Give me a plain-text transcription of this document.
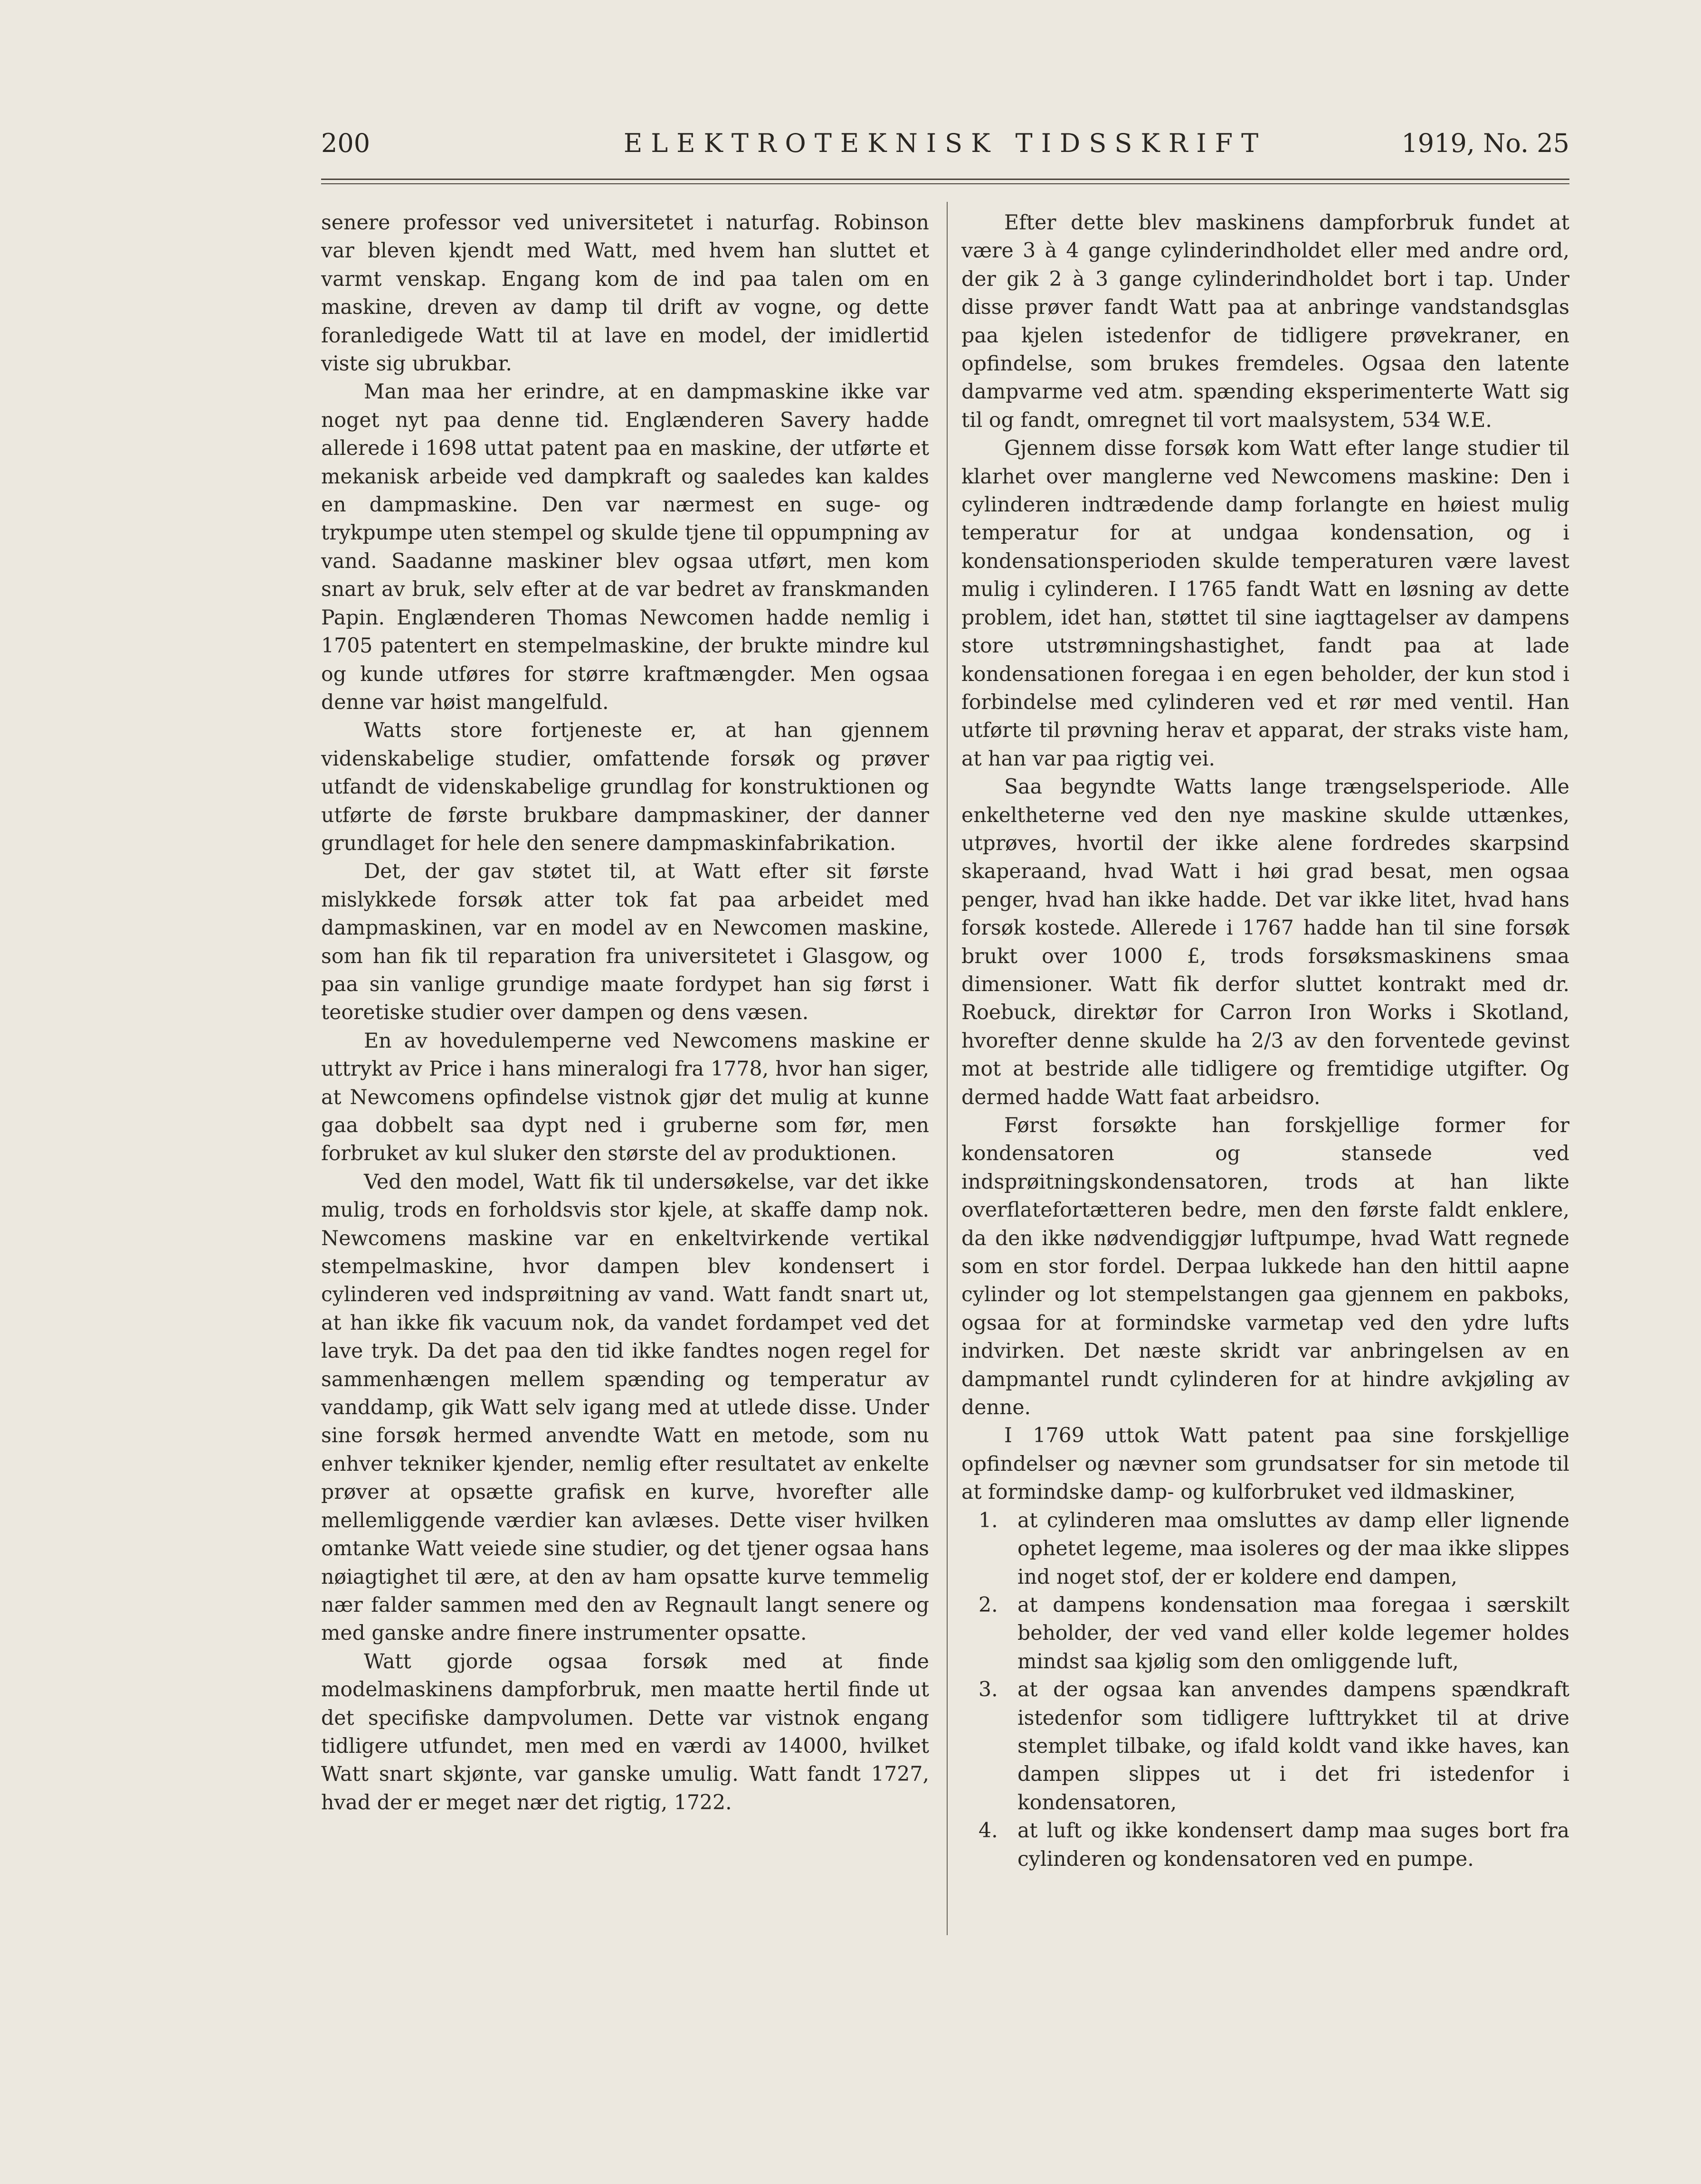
200	ELEKTROTEKNISK TIDSSKRIFT	1919, No. 25

senere professor ved universitetet i naturfag. Robinson var bleven kjendt med Watt, med hvem han sluttet et varmt venskap. Engang kom de ind paa talen om en maskine, dreven av damp til drift av vogne, og dette foranledigede Watt til at lave en model, der imidlertid viste sig ubrukbar.

Man maa her erindre, at en dampmaskine ikke var noget nyt paa denne tid. Englænderen Savery hadde allerede i 1698 uttat patent paa en maskine, der utførte et mekanisk arbeide ved dampkraft og saaledes kan kaldes en dampmaskine. Den var nærmest en suge- og trykpumpe uten stempel og skulde tjene til oppumpning av vand. Saadanne maskiner blev ogsaa utført, men kom snart av bruk, selv efter at de var bedret av franskmanden Papin. Englænderen Thomas Newcomen hadde nemlig i 1705 patentert en stempelmaskine, der brukte mindre kul og kunde utføres for større kraftmængder. Men ogsaa denne var høist mangelfuld.

Watts store fortjeneste er, at han gjennem videnskabelige studier, omfattende forsøk og prøver utfandt de videnskabelige grundlag for konstruktionen og utførte de første brukbare dampmaskiner, der danner grundlaget for hele den senere dampmaskinfabrikation.

Det, der gav støtet til, at Watt efter sit første mislykkede forsøk atter tok fat paa arbeidet med dampmaskinen, var en model av en Newcomen maskine, som han fik til reparation fra universitetet i Glasgow, og paa sin vanlige grundige maate fordypet han sig først i teoretiske studier over dampen og dens væsen.

En av hovedulemperne ved Newcomens maskine er uttrykt av Price i hans mineralogi fra 1778, hvor han siger, at Newcomens opfindelse vistnok gjør det mulig at kunne gaa dobbelt saa dypt ned i gruberne som før, men forbruket av kul sluker den største del av produktionen.

Ved den model, Watt fik til undersøkelse, var det ikke mulig, trods en forholdsvis stor kjele, at skaffe damp nok. Newcomens maskine var en enkeltvirkende vertikal stempelmaskine, hvor dampen blev kondensert i cylinderen ved indsprøitning av vand. Watt fandt snart ut, at han ikke fik vacuum nok, da vandet fordampet ved det lave tryk. Da det paa den tid ikke fandtes nogen regel for sammenhængen mellem spænding og temperatur av vanddamp, gik Watt selv igang med at utlede disse. Under sine forsøk hermed anvendte Watt en metode, som nu enhver tekniker kjender, nemlig efter resultatet av enkelte prøver at opsætte grafisk en kurve, hvorefter alle mellemliggende værdier kan avlæses. Dette viser hvilken omtanke Watt veiede sine studier, og det tjener ogsaa hans nøiagtighet til ære, at den av ham opsatte kurve temmelig nær falder sammen med den av Regnault langt senere og med ganske andre finere instrumenter opsatte.

Watt gjorde ogsaa forsøk med at finde modelmaskinens dampforbruk, men maatte hertil finde ut det specifiske dampvolumen. Dette var vistnok engang tidligere utfundet, men med en værdi av 14000, hvilket Watt snart skjønte, var ganske umulig. Watt fandt 1727, hvad der er meget nær det rigtig, 1722.

Efter dette blev maskinens dampforbruk fundet at være 3 à 4 gange cylinderindholdet eller med andre ord, der gik 2 à 3 gange cylinderindholdet bort i tap. Under disse prøver fandt Watt paa at anbringe vandstandsglas paa kjelen istedenfor de tidligere prøvekraner, en opfindelse, som brukes fremdeles. Ogsaa den latente dampvarme ved atm. spænding eksperimenterte Watt sig til og fandt, omregnet til vort maalsystem, 534 W.E.

Gjennem disse forsøk kom Watt efter lange studier til klarhet over manglerne ved Newcomens maskine: Den i cylinderen indtrædende damp forlangte en høiest mulig temperatur for at undgaa kondensation, og i kondensationsperioden skulde temperaturen være lavest mulig i cylinderen. I 1765 fandt Watt en løsning av dette problem, idet han, støttet til sine iagttagelser av dampens store utstrømningshastighet, fandt paa at lade kondensationen foregaa i en egen beholder, der kun stod i forbindelse med cylinderen ved et rør med ventil. Han utførte til prøvning herav et apparat, der straks viste ham, at han var paa rigtig vei.

Saa begyndte Watts lange trængselsperiode. Alle enkeltheterne ved den nye maskine skulde uttænkes, utprøves, hvortil der ikke alene fordredes skarpsind skaperaand, hvad Watt i høi grad besat, men ogsaa penger, hvad han ikke hadde. Det var ikke litet, hvad hans forsøk kostede. Allerede i 1767 hadde han til sine forsøk brukt over 1000 £, trods forsøksmaskinens smaa dimensioner. Watt fik derfor sluttet kontrakt med dr. Roebuck, direktør for Carron Iron Works i Skotland, hvorefter denne skulde ha 2/3 av den forventede gevinst mot at bestride alle tidligere og fremtidige utgifter. Og dermed hadde Watt faat arbeidsro.

Først forsøkte han forskjellige former for kondensatoren og stansede ved indsprøitningskondensatoren, trods at han likte overflatefortætteren bedre, men den første faldt enklere, da den ikke nødvendiggjør luftpumpe, hvad Watt regnede som en stor fordel. Derpaa lukkede han den hittil aapne cylinder og lot stempelstangen gaa gjennem en pakboks, ogsaa for at formindske varmetap ved den ydre lufts indvirken. Det næste skridt var anbringelsen av en dampmantel rundt cylinderen for at hindre avkjøling av denne.

I 1769 uttok Watt patent paa sine forskjellige opfindelser og nævner som grundsatser for sin metode til at formindske damp- og kulforbruket ved ildmaskiner,

1. at cylinderen maa omsluttes av damp eller lignende ophetet legeme, maa isoleres og der maa ikke slippes ind noget stof, der er koldere end dampen,
2. at dampens kondensation maa foregaa i særskilt beholder, der ved vand eller kolde legemer holdes mindst saa kjølig som den omliggende luft,
3. at der ogsaa kan anvendes dampens spændkraft istedenfor som tidligere lufttrykket til at drive stemplet tilbake, og ifald koldt vand ikke haves, kan dampen slippes ut i det fri istedenfor i kondensatoren,
4. at luft og ikke kondensert damp maa suges bort fra cylinderen og kondensatoren ved en pumpe.
